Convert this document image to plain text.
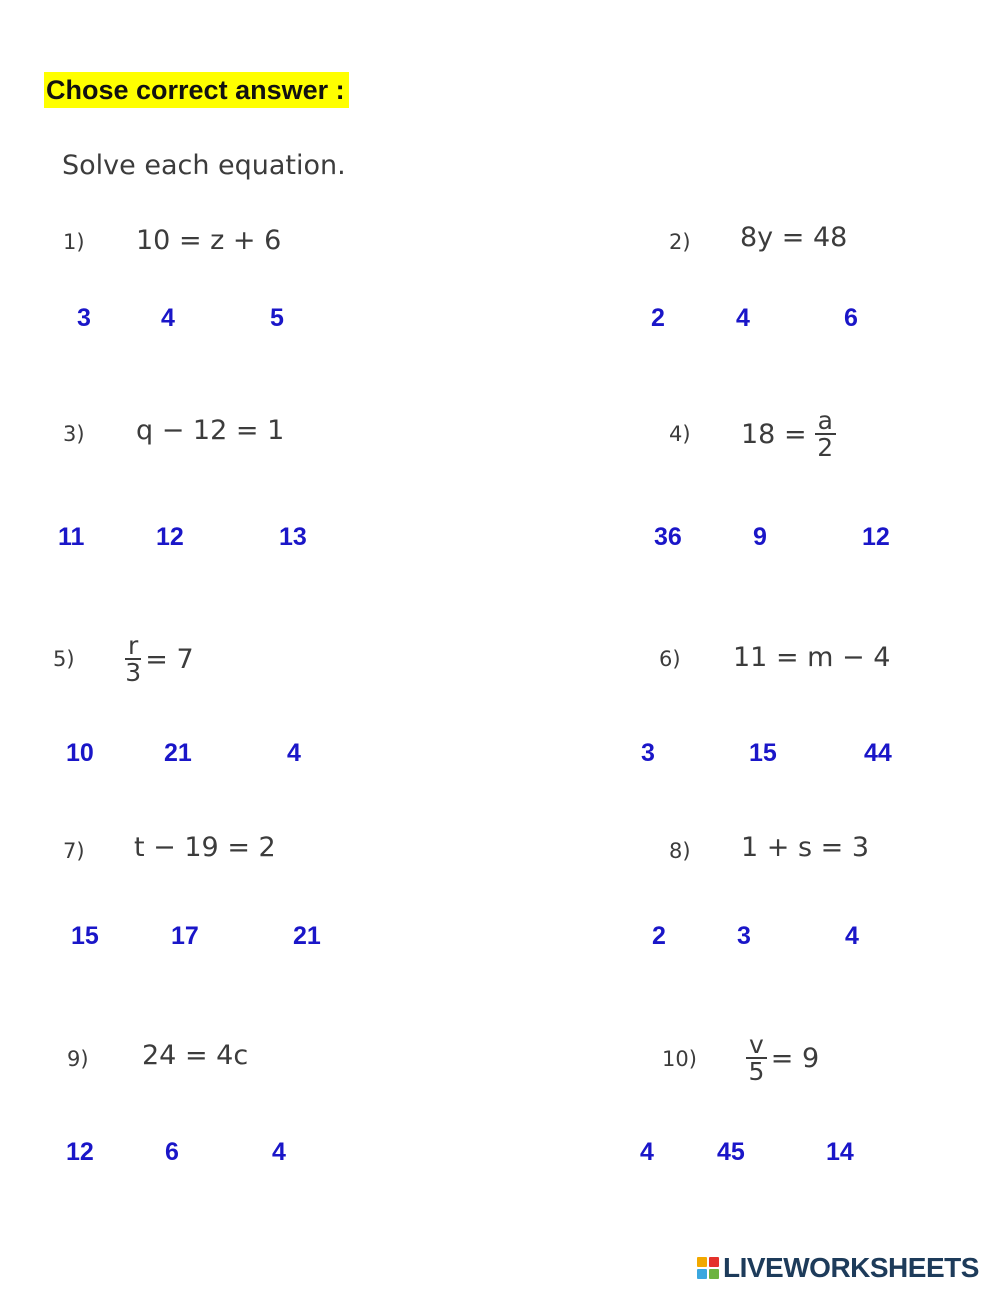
Chose correct answer :
Solve each equation.
1) 10 = z + 6
3	4	5
2) 8y = 48
2	4	6
3) q − 12 = 1
11	12	13
4) $18 = \frac{a}{2}$
36	9	12
$5) \frac{r}{3} = 7$
10	21	4
6) 11 = m − 4
3	15	44
7) t − 19 = 2
15	17	21
8) 1 + s = 3
2	3	4
9) 24 = 4c
12	6	4
$10) \frac{v}{5} = 9$
4	45	14
LIVEWORKSHEETS
